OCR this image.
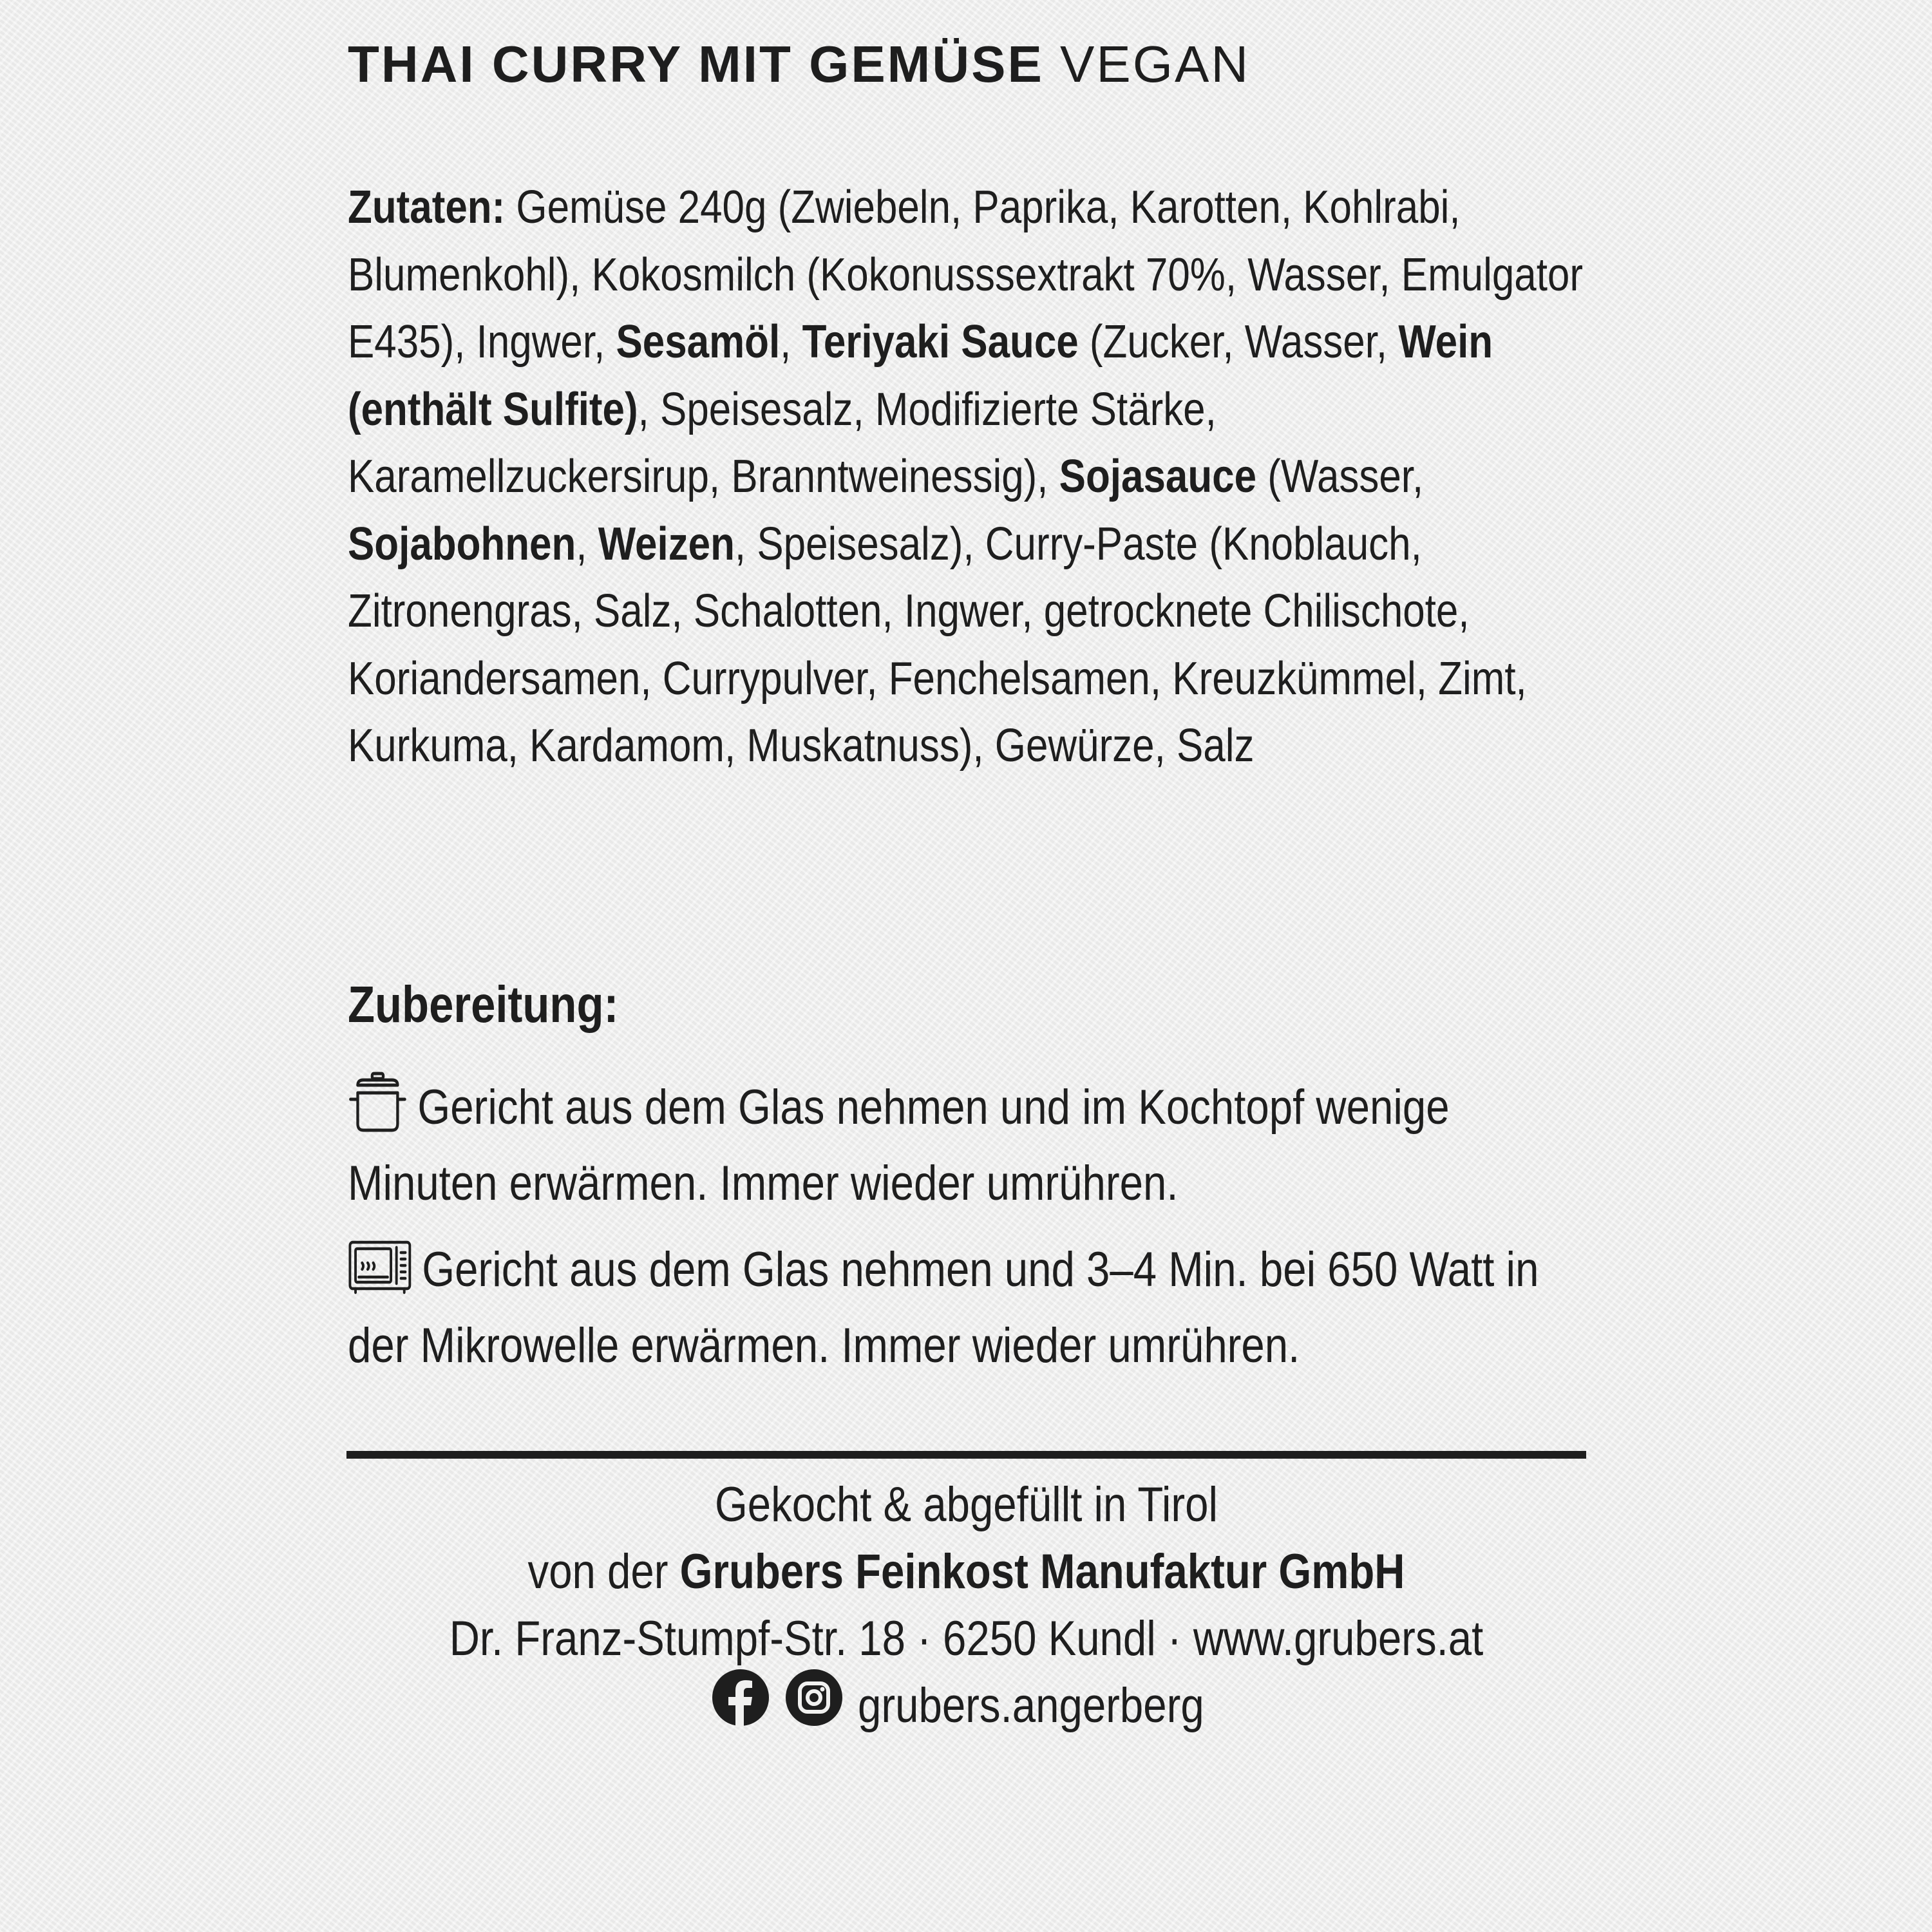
THAI CURRY MIT GEMÜSE VEGAN

Zutaten: Gemüse 240g (Zwiebeln, Paprika, Karotten, Kohlrabi, Blumenkohl), Kokosmilch (Kokonusssextrakt 70%, Wasser, Emulgator E435), Ingwer, Sesamöl, Teriyaki Sauce (Zucker, Wasser, Wein (enthält Sulfite), Speisesalz, Modifizierte Stärke, Karamellzuckersirup, Branntweinessig), Sojasauce (Wasser, Sojabohnen, Weizen, Speisesalz), Curry-Paste (Knoblauch, Zitronengras, Salz, Schalotten, Ingwer, getrocknete Chilischote, Koriandersamen, Currypulver, Fenchelsamen, Kreuzkümmel, Zimt, Kurkuma, Kardamom, Muskatnuss), Gewürze, Salz

Zubereitung:
Gericht aus dem Glas nehmen und im Kochtopf wenige Minuten erwärmen. Immer wieder umrühren.
Gericht aus dem Glas nehmen und 3–4 Min. bei 650 Watt in der Mikrowelle erwärmen. Immer wieder umrühren.
Gekocht & abgefüllt in Tirol
von der Grubers Feinkost Manufaktur GmbH
Dr. Franz-Stumpf-Str. 18 · 6250 Kundl · www.grubers.at
grubers.angerberg
